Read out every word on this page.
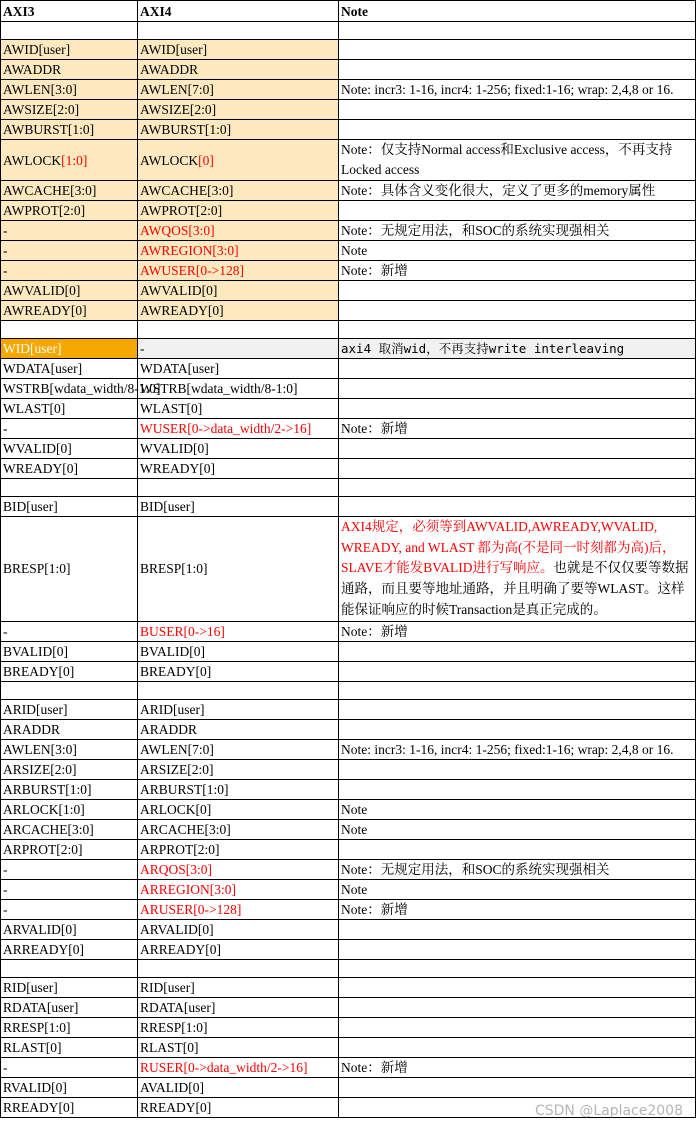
AXI3	AXI4	Note

AWID[user]	AWID[user]	
AWADDR	AWADDR	
AWLEN[3:0]	AWLEN[7:0]	Note: incr3: 1-16, incr4: 1-256; fixed:1-16; wrap: 2,4,8 or 16.
AWSIZE[2:0]	AWSIZE[2:0]	
AWBURST[1:0]	AWBURST[1:0]	
AWLOCK[1:0]	AWLOCK[0]	Note：仅支持Normal access和Exclusive access，不再支持Locked access
AWCACHE[3:0]	AWCACHE[3:0]	Note：具体含义变化很大，定义了更多的memory属性
AWPROT[2:0]	AWPROT[2:0]	
-	AWQOS[3:0]	Note：无规定用法，和SOC的系统实现强相关
-	AWREGION[3:0]	Note
-	AWUSER[0->128]	Note：新增
AWVALID[0]	AWVALID[0]	
AWREADY[0]	AWREADY[0]	

WID[user]	-	axi4 取消wid，不再支持write interleaving
WDATA[user]	WDATA[user]	
WSTRB[wdata_width/8-1:0]	WSTRB[wdata_width/8-1:0]	
WLAST[0]	WLAST[0]	
-	WUSER[0->data_width/2->16]	Note：新增
WVALID[0]	WVALID[0]	
WREADY[0]	WREADY[0]	

BID[user]	BID[user]	
BRESP[1:0]	BRESP[1:0]	AXI4规定，必须等到AWVALID,AWREADY,WVALID, WREADY, and WLAST 都为高(不是同一时刻都为高)后，SLAVE才能发BVALID进行写响应。也就是不仅仅要等数据通路，而且要等地址通路，并且明确了要等WLAST。这样能保证响应的时候Transaction是真正完成的。
-	BUSER[0->16]	Note：新增
BVALID[0]	BVALID[0]	
BREADY[0]	BREADY[0]	

ARID[user]	ARID[user]	
ARADDR	ARADDR	
AWLEN[3:0]	AWLEN[7:0]	Note: incr3: 1-16, incr4: 1-256; fixed:1-16; wrap: 2,4,8 or 16.
ARSIZE[2:0]	ARSIZE[2:0]	
ARBURST[1:0]	ARBURST[1:0]	
ARLOCK[1:0]	ARLOCK[0]	Note
ARCACHE[3:0]	ARCACHE[3:0]	Note
ARPROT[2:0]	ARPROT[2:0]	
-	ARQOS[3:0]	Note：无规定用法，和SOC的系统实现强相关
-	ARREGION[3:0]	Note
-	ARUSER[0->128]	Note：新增
ARVALID[0]	ARVALID[0]	
ARREADY[0]	ARREADY[0]	

RID[user]	RID[user]	
RDATA[user]	RDATA[user]	
RRESP[1:0]	RRESP[1:0]	
RLAST[0]	RLAST[0]	
-	RUSER[0->data_width/2->16]	Note：新增
RVALID[0]	AVALID[0]	
RREADY[0]	RREADY[0]		CSDN @Laplace2008
